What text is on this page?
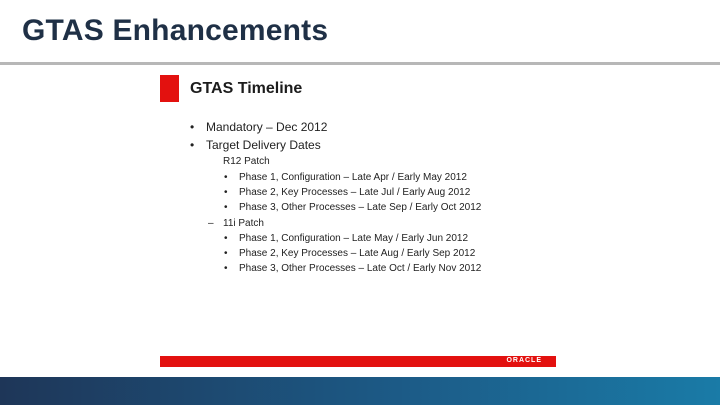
GTAS Enhancements
GTAS Timeline
• Mandatory – Dec 2012
• Target Delivery Dates
R12 Patch
• Phase 1, Configuration – Late Apr / Early May 2012
• Phase 2, Key Processes – Late Jul / Early Aug 2012
• Phase 3, Other Processes – Late Sep / Early Oct 2012
– 11i Patch
• Phase 1, Configuration – Late May / Early Jun 2012
• Phase 2, Key Processes – Late Aug / Early Sep 2012
• Phase 3, Other Processes – Late Oct / Early Nov 2012
ORACLE
